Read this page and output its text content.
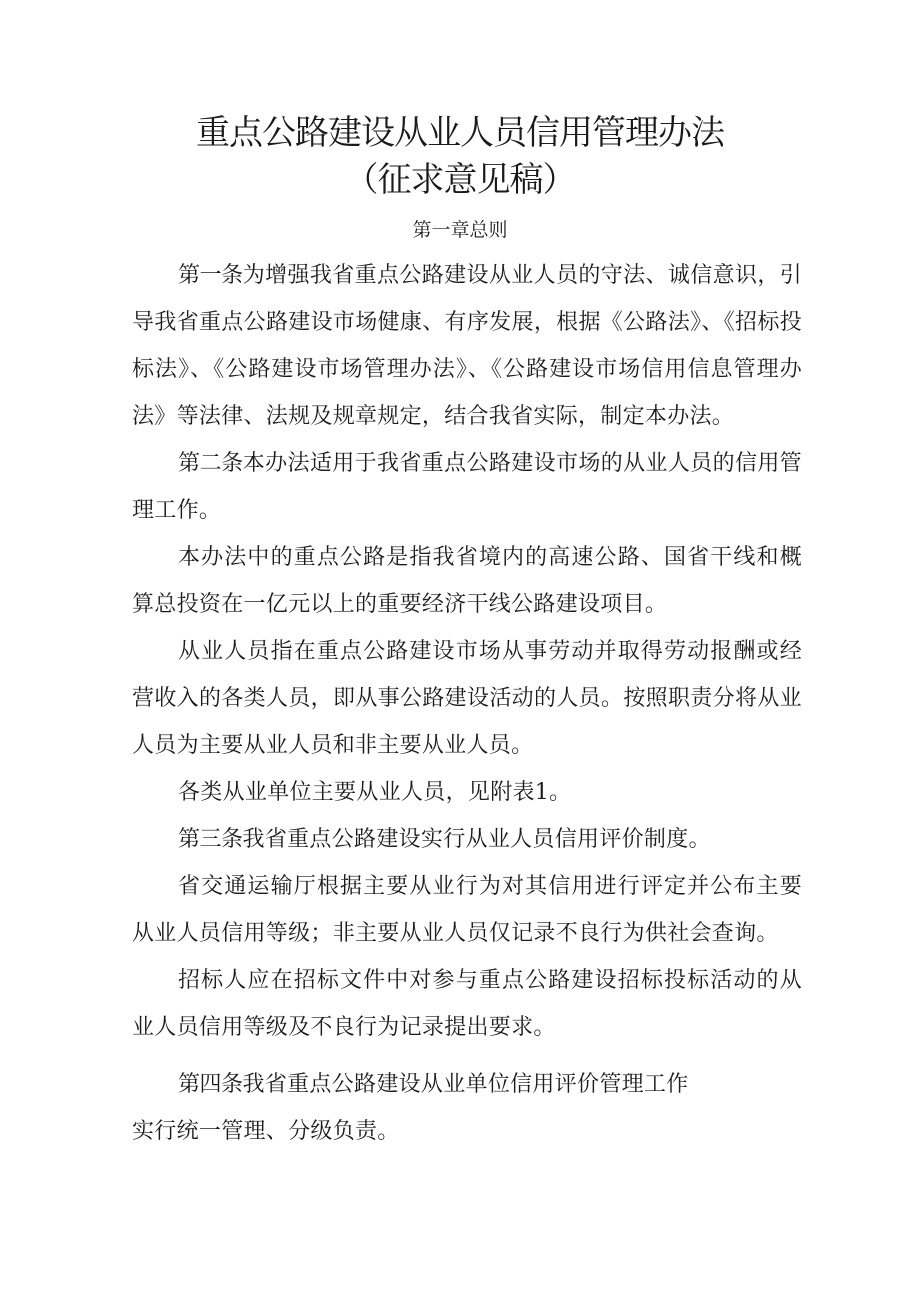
重点公路建设从业人员信用管理办法
（征求意见稿）
第一章总则

第一条为增强我省重点公路建设从业人员的守法、诚信意识，引导我省重点公路建设市场健康、有序发展，根据《公路法》、《招标投标法》、《公路建设市场管理办法》、《公路建设市场信用信息管理办法》等法律、法规及规章规定，结合我省实际，制定本办法。

第二条本办法适用于我省重点公路建设市场的从业人员的信用管理工作。

本办法中的重点公路是指我省境内的高速公路、国省干线和概算总投资在一亿元以上的重要经济干线公路建设项目。

从业人员指在重点公路建设市场从事劳动并取得劳动报酬或经营收入的各类人员，即从事公路建设活动的人员。按照职责分将从业人员为主要从业人员和非主要从业人员。

各类从业单位主要从业人员，见附表1。

第三条我省重点公路建设实行从业人员信用评价制度。

省交通运输厅根据主要从业行为对其信用进行评定并公布主要从业人员信用等级；非主要从业人员仅记录不良行为供社会查询。

招标人应在招标文件中对参与重点公路建设招标投标活动的从业人员信用等级及不良行为记录提出要求。

第四条我省重点公路建设从业单位信用评价管理工作

实行统一管理、分级负责。
